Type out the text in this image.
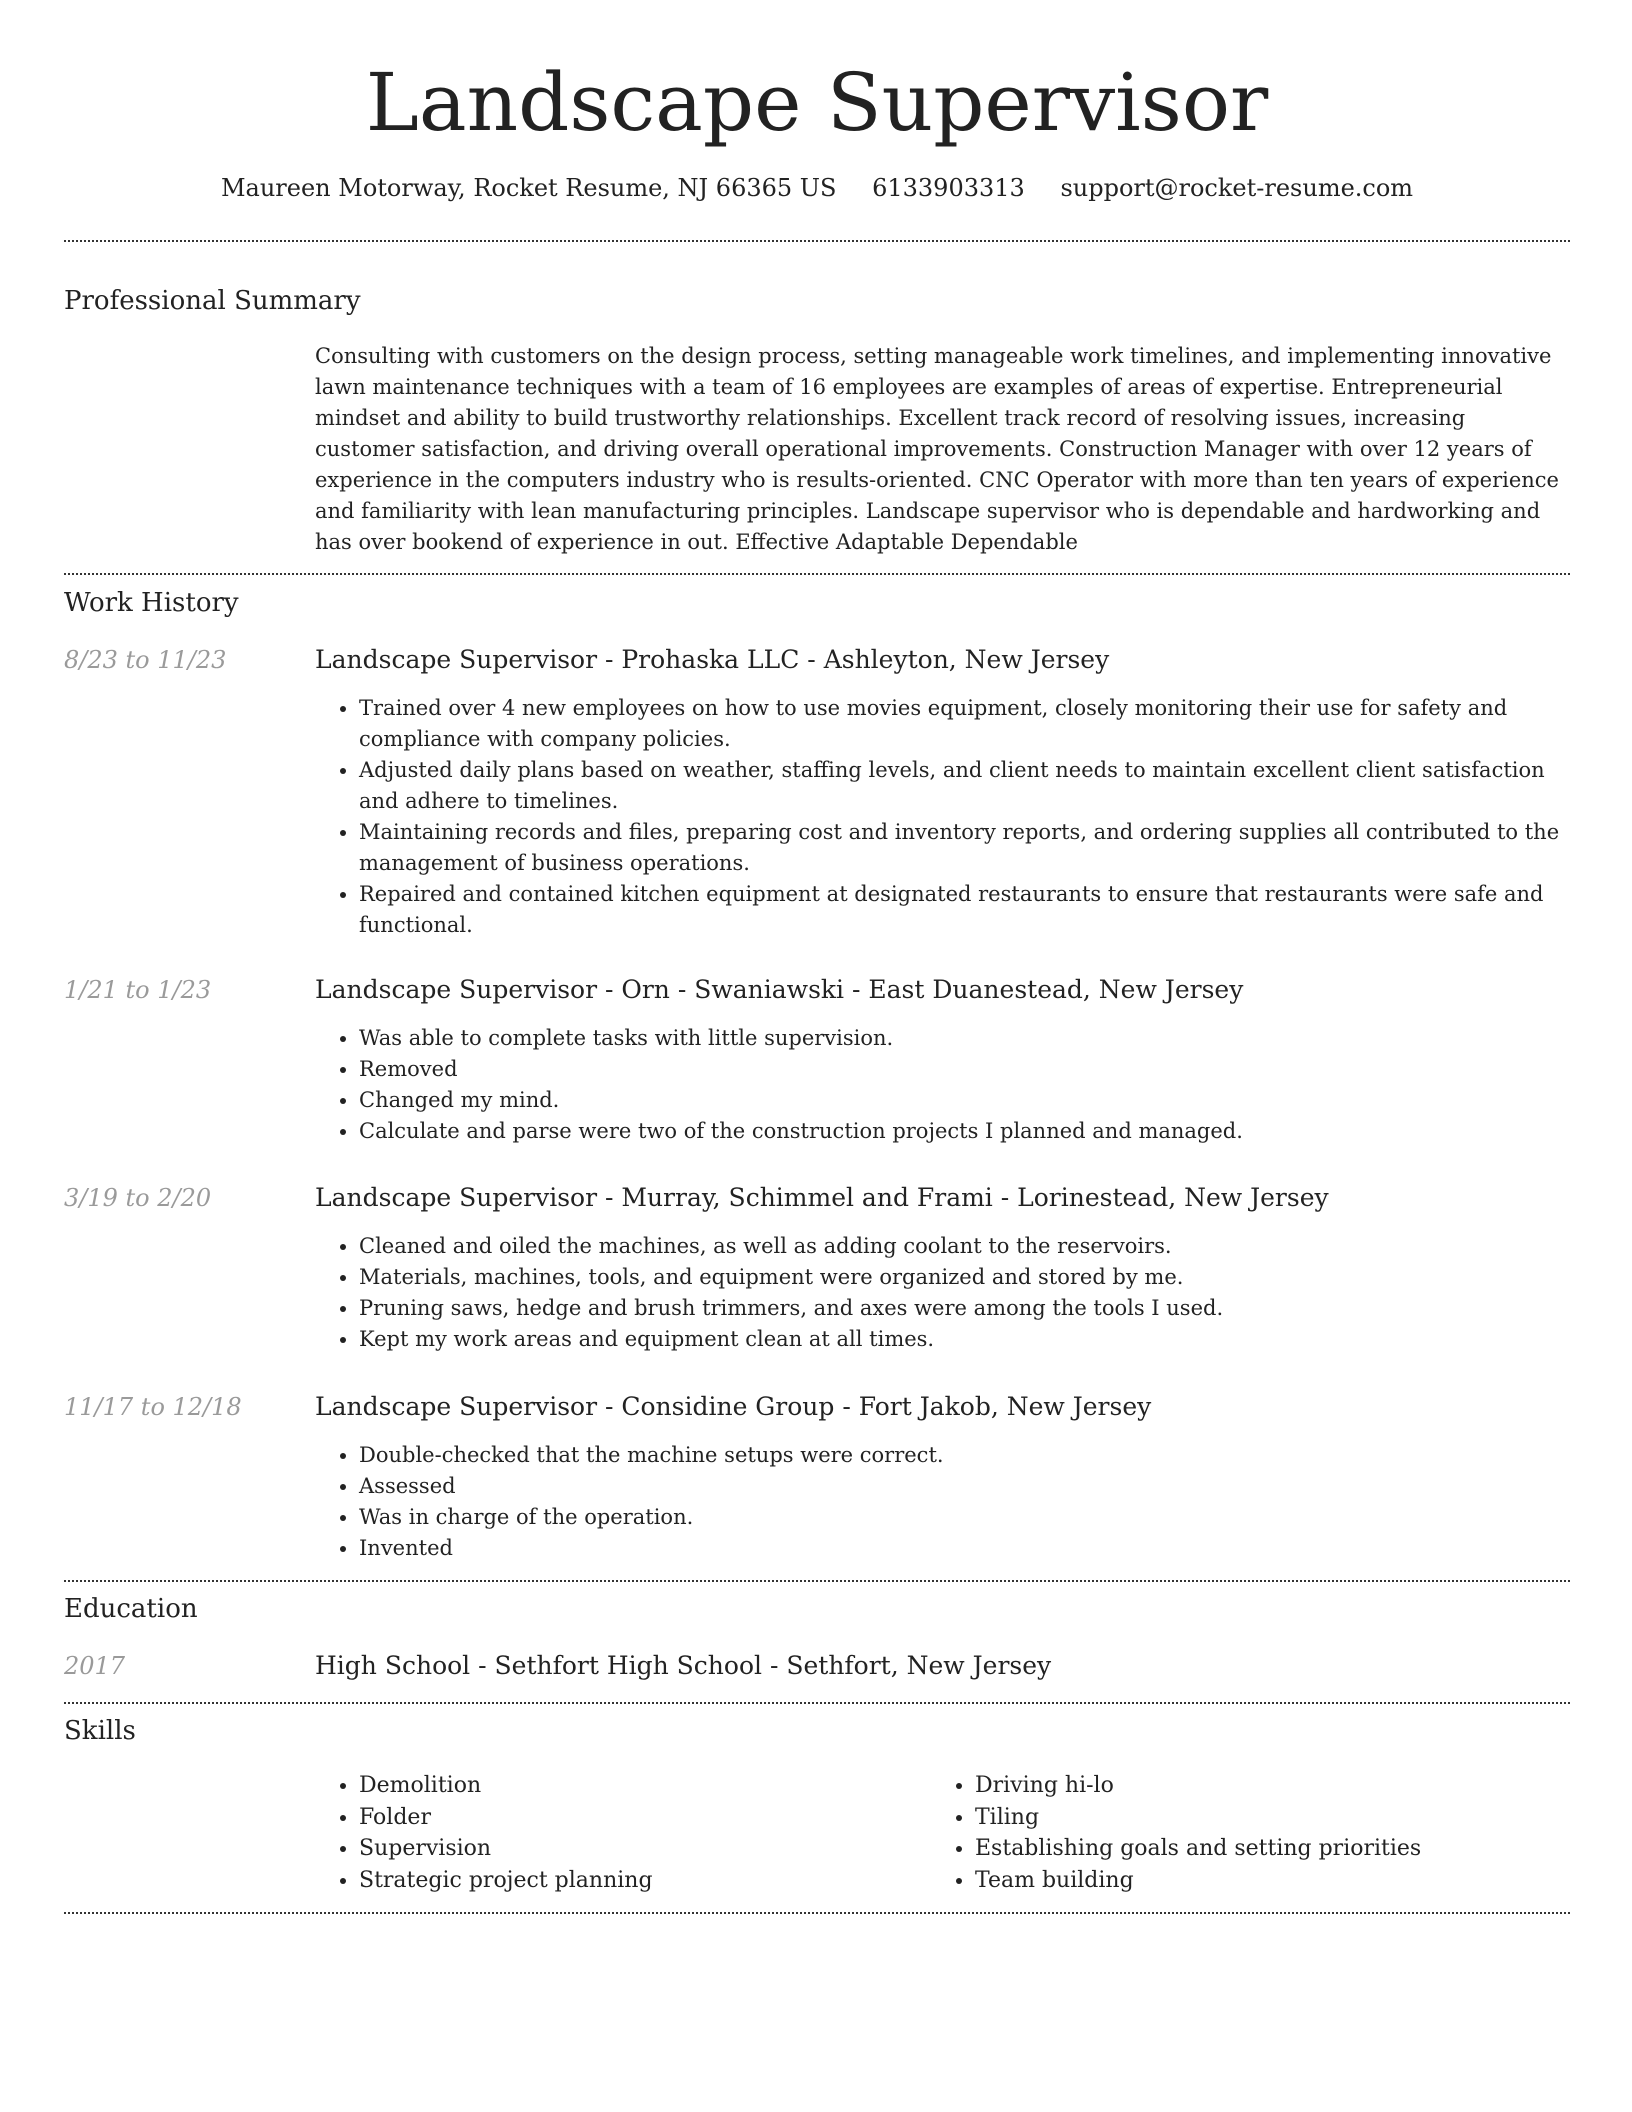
Landscape Supervisor
Maureen Motorway, Rocket Resume, NJ 66365 US 6133903313 support@rocket-resume.com
Professional Summary
Consulting with customers on the design process, setting manageable work timelines, and implementing innovative lawn maintenance techniques with a team of 16 employees are examples of areas of expertise. Entrepreneurial mindset and ability to build trustworthy relationships. Excellent track record of resolving issues, increasing customer satisfaction, and driving overall operational improvements. Construction Manager with over 12 years of experience in the computers industry who is results-oriented. CNC Operator with more than ten years of experience and familiarity with lean manufacturing principles. Landscape supervisor who is dependable and hardworking and has over bookend of experience in out. Effective Adaptable Dependable
Work History
8/23 to 11/23	Landscape Supervisor - Prohaska LLC - Ashleyton, New Jersey
• Trained over 4 new employees on how to use movies equipment, closely monitoring their use for safety and compliance with company policies.
• Adjusted daily plans based on weather, staffing levels, and client needs to maintain excellent client satisfaction and adhere to timelines.
• Maintaining records and files, preparing cost and inventory reports, and ordering supplies all contributed to the management of business operations.
• Repaired and contained kitchen equipment at designated restaurants to ensure that restaurants were safe and functional.
1/21 to 1/23	Landscape Supervisor - Orn - Swaniawski - East Duanestead, New Jersey
• Was able to complete tasks with little supervision.
• Removed
• Changed my mind.
• Calculate and parse were two of the construction projects I planned and managed.
3/19 to 2/20	Landscape Supervisor - Murray, Schimmel and Frami - Lorinestead, New Jersey
• Cleaned and oiled the machines, as well as adding coolant to the reservoirs.
• Materials, machines, tools, and equipment were organized and stored by me.
• Pruning saws, hedge and brush trimmers, and axes were among the tools I used.
• Kept my work areas and equipment clean at all times.
11/17 to 12/18	Landscape Supervisor - Considine Group - Fort Jakob, New Jersey
• Double-checked that the machine setups were correct.
• Assessed
• Was in charge of the operation.
• Invented
Education
2017	High School - Sethfort High School - Sethfort, New Jersey
Skills
• Demolition
• Folder
• Supervision
• Strategic project planning
• Driving hi-lo
• Tiling
• Establishing goals and setting priorities
• Team building
